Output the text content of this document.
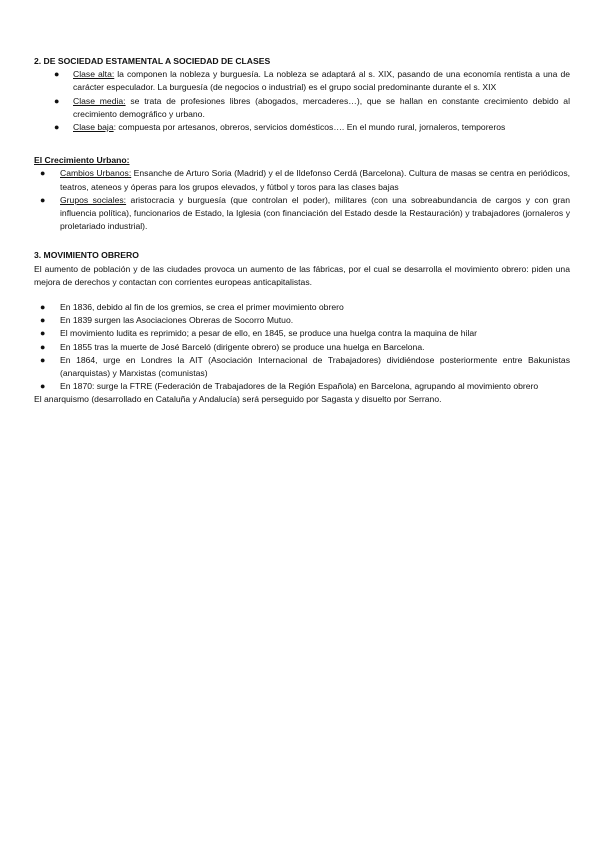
2. DE SOCIEDAD ESTAMENTAL A SOCIEDAD DE CLASES

● Clase alta: la componen la nobleza y burguesía. La nobleza se adaptará al s. XIX, pasando de una economía rentista a una de carácter especulador. La burguesía (de negocios o industrial) es el grupo social predominante durante el s. XIX
● Clase media: se trata de profesiones libres (abogados, mercaderes…), que se hallan en constante crecimiento debido al crecimiento demográfico y urbano.
● Clase baja: compuesta por artesanos, obreros, servicios domésticos…. En el mundo rural, jornaleros, temporeros

El Crecimiento Urbano:

● Cambios Urbanos: Ensanche de Arturo Soria (Madrid) y el de Ildefonso Cerdá (Barcelona). Cultura de masas se centra en periódicos, teatros, ateneos y óperas para los grupos elevados, y fútbol y toros para las clases bajas
● Grupos sociales: aristocracia y burguesía (que controlan el poder), militares (con una sobreabundancia de cargos y con gran influencia política), funcionarios de Estado, la Iglesia (con financiación del Estado desde la Restauración) y trabajadores (jornaleros y proletariado industrial).

3. MOVIMIENTO OBRERO

El aumento de población y de las ciudades provoca un aumento de las fábricas, por el cual se desarrolla el movimiento obrero: piden una mejora de derechos y contactan con corrientes europeas anticapitalistas.

● En 1836, debido al fin de los gremios, se crea el primer movimiento obrero
● En 1839 surgen las Asociaciones Obreras de Socorro Mutuo.
● El movimiento ludita es reprimido; a pesar de ello, en 1845, se produce una huelga contra la maquina de hilar
● En 1855 tras la muerte de José Barceló (dirigente obrero) se produce una huelga en Barcelona.
● En 1864, urge en Londres la AIT (Asociación Internacional de Trabajadores) dividiéndose posteriormente entre Bakunistas (anarquistas) y Marxistas (comunistas)
● En 1870: surge la FTRE (Federación de Trabajadores de la Región Española) en Barcelona, agrupando al movimiento obrero

El anarquismo (desarrollado en Cataluña y Andalucía) será perseguido por Sagasta y disuelto por Serrano.
